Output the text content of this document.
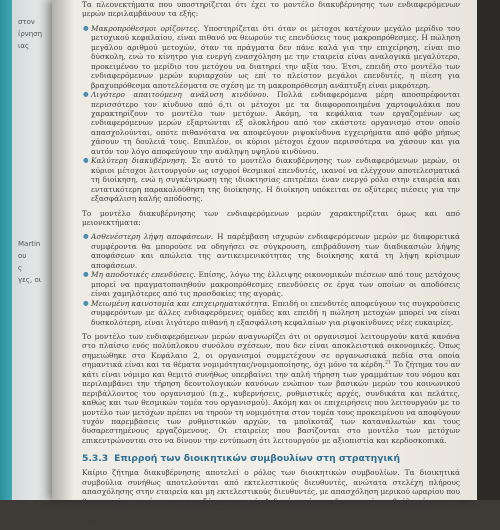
στον
ίρνηση
ιας
Martin
ου
ς
γες, οι

Τα πλεονεκτήματα που υποστηρίζεται ότι έχει το μοντέλο διακυβέρνησης των ενδιαφερόμενων μερών περιλαμβάνουν τα εξής:

● Μακροπρόθεσμοι ορίζοντες. Υποστηρίζεται ότι όταν οι μέτοχοι κατέχουν μεγάλο μερίδιο του μετοχικού κεφαλαίου, είναι πιθανό να θεωρούν τις επενδύσεις τους μακροπρόθεσμες. Η πώληση μεγάλου αριθμού μετοχών, όταν τα πράγματα δεν πάνε καλά για την επιχείρηση, είναι πιο δύσκολη, ενώ το κίνητρο για ενεργή ενασχόληση με την εταιρεία είναι αναλογικά μεγαλύτερο, προκειμένου το μερίδιο του μετόχου να διατηρεί την αξία του. Έτσι, επειδή στο μοντέλο των ενδιαφερόμενων μερών κυριαρχούν ως επί το πλείστον μεγάλοι επενδυτές, η πίεση για βραχυπρόθεσμα αποτελέσματα σε σχέση με τη μακροπρόθεσμη ανάπτυξη είναι μικρότερη.
● Λιγότερο απαιτούμενη ανάλυση κινδύνου. Πολλά ενδιαφερόμενα μέρη αποσπρέφονται περισσότερο τον κίνδυνο από ό,τι οι μέτοχοι με τα διαφοροποιημένα χαρτοφυλάκια που χαρακτηρίζουν το μοντέλο των μετόχων. Ακόμη, τα κεφάλαια των εργαζομένων ως ενδιαφερόμενων μερών εξαρτώνται εξ ολοκλήρου από τον εκάστοτε οργανισμό στον οποίο απασχολούνται, οπότε πιθανότατα να αποφεύγουν ριψοκίνδυνα εγχειρήματα από φόβο μήπως χάσουν τη δουλειά τους. Επιπλέον, οι κύριοι μέτοχοι έχουν περισσότερα να χάσουν και για αυτόν τον λόγο αποφεύγουν την ανάληψη υψηλού κινδύνου.
● Καλύτερη διακυβέρνηση. Σε αυτό το μοντέλο διακυβέρνησης των ενδιαφερόμενων μερών, οι κύριοι μέτοχοι λειτουργούν ως ισχυροί θεσμικοί επενδυτές, ικανοί να ελέγχουν αποτελεσματικά τη διοίκηση, ενώ η συγκέντρωση της ιδιοκτησίας επιτρέπει έναν ενεργό ρόλο στην εταιρεία και εντατικότερη παρακολούθηση της διοίκησης. Η διοίκηση υπόκειται σε οξύτερες πιέσεις για την εξασφάλιση καλής απόδοσης.

Το μοντέλο διακυβέρνησης των ενδιαφερόμενων μερών χαρακτηρίζεται όμως και από μειονεκτήματα:

● Ασθενέστερη λήψη αποφάσεων. Η παρέμβαση ισχυρών ενδιαφερόμενων μερών με διαφορετικά συμφέροντα θα μπορούσε να οδηγήσει σε σύγκρουση, επιβράδυνση των διαδικασιών λήψης αποφάσεων και απώλεια της αντικειμενικότητας της διοίκησης κατά τη λήψη κρίσιμων αποφάσεων.
● Μη αποδοτικές επενδύσεις. Επίσης, λόγω της έλλειψης οικονομικών πιέσεων από τους μετόχους μπορεί να πραγματοποιηθούν μακροπρόθεσμες επενδύσεις σε έργα των οποίων οι αποδόσεις είναι χαμηλότερες από τις προσδοκίες της αγοράς.
● Μειωμένη καινοτομία και επιχειρηματικότητα. Επειδή οι επενδυτές αποφεύγουν τις συγκρούσεις συμφερόντων με άλλες ενδιαφερόμενες ομάδες και επειδή η πώληση μετοχών μπορεί να είναι δυσκολότερη, είναι λιγότερο πιθανή η εξασφάλιση κεφαλαίων για ριψοκίνδυνες νέες ευκαιρίες.

Το μοντέλο των ενδιαφερόμενων μερών αναγνωρίζει ότι οι οργανισμοί λειτουργούν κατά κανόνα στο πλαίσιο ενός πολύπλοκου συνόλου σχέσεων, που δεν είναι αποκλειστικά οικονομικές. Όπως σημειώθηκε στο Κεφάλαιο 2, οι οργανισμοί συμμετέχουν σε οργανωσιακά πεδία στα οποία σημαντικά είναι και τα θέματα νομιμότητας/νομιμοποίησης, όχι μόνο τα κέρδη.$^{21}$ Το ζήτημα του αν κάτι είναι νόμιμο και θεμιτό συνήθως υπερβαίνει την απλή τήρηση των γραμμάτων του νόμου και περιλαμβάνει την τήρηση δεοντολογικών κανόνων ενώπιον των βασικών μερών του κοινωνικού περιβάλλοντος του οργανισμού (π.χ., κυβερνήσεις, ρυθμιστικές αρχές, συνδικάτα και πελάτες, καθώς και των θεσμικών τομέα του οργανισμού). Ακόμη και οι επιχειρήσεις που λειτουργούν με το μοντέλο των μετόχων πρέπει να τηρούν τη νομιμότητα στον τομέα τους προκειμένου να αποφύγουν τυχόν παρεμβάσεις των ρυθμιστικών αρχών, τα μποϊκοτάζ των καταναλωτών και τους δυσαρεστημένους εργαζόμενους. Οι εταιρείες που βασίζονται στο μοντέλο των μετόχων επικεντρώνονται στο να δίνουν την εντύπωση ότι λειτουργούν με αξιοπιστία και κερδοσκοπικά.

5.3.3 Επιρροή των διοικητικών συμβουλίων στη στρατηγική

Καίριο ζήτημα διακυβέρνησης αποτελεί ο ρόλος των διοικητικών συμβουλίων. Τα διοικητικά συμβούλια συνήθως αποτελούνται από εκτελεστικούς διευθυντές, ανώτατα στελέχη πλήρους απασχόλησης στην εταιρεία και μη εκτελεστικούς διευθυντές, με απασχόληση μερικού ωραρίου που θεωρητικά προσφέρουν μια ανεξάρτητη ματιά. Δεδομένου ότι τα διοικητικά συμβούλια έχουν την τελική ευθύνη για την επιτυχία ή την αποτυχία ενός οργανισμού, οφείλουν να ασχολούνται με τη στρατηγική.$^{22}$
